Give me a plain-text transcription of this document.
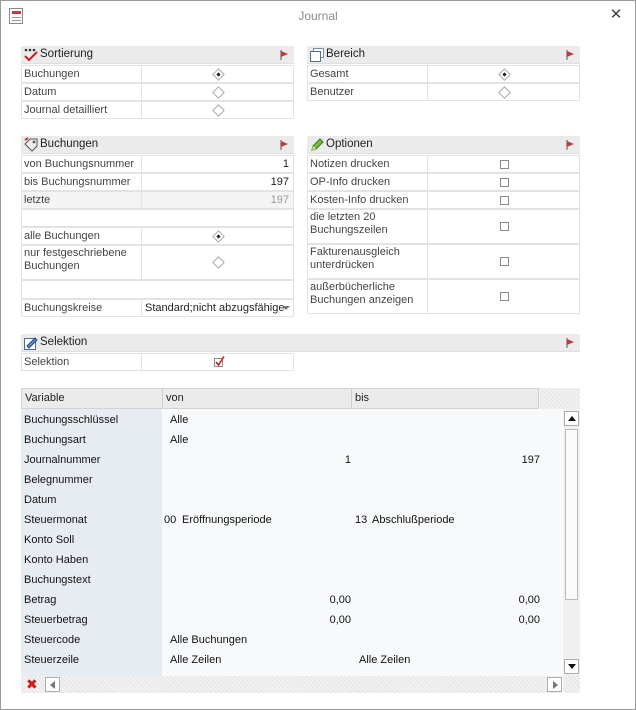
Journal	✕
Sortierung
Buchungen
Datum
Journal detailliert
Bereich
Gesamt
Benutzer
Buchungen
von Buchungsnummer	1
bis Buchungsnummer	197
letzte	197
alle Buchungen
nur festgeschriebene Buchungen
Buchungskreise	Standard;nicht abzugsfähige
Optionen
Notizen drucken
OP-Info drucken
Kosten-Info drucken
die letzten 20 Buchungszeilen
Fakturenausgleich unterdrücken
außerbücherliche Buchungen anzeigen
Selektion
Selektion
Variable	von	bis
Buchungsschlüssel	Alle
Buchungsart	Alle
Journalnummer	1	197
Belegnummer
Datum
Steuermonat	00 Eröffnungsperiode	13 Abschlußperiode
Konto Soll
Konto Haben
Buchungstext
Betrag	0,00	0,00
Steuerbetrag	0,00	0,00
Steuercode	Alle Buchungen
Steuerzeile	Alle Zeilen	Alle Zeilen
✖
